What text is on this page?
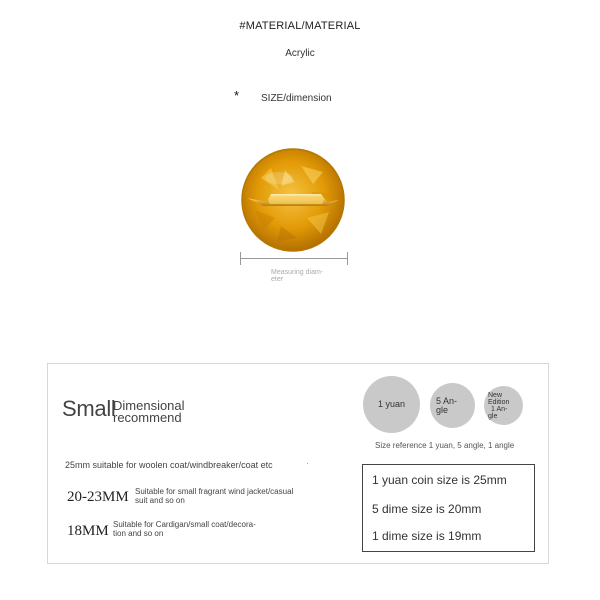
#MATERIAL/MATERIAL
Acrylic
* SIZE/dimension
Measuring diam-
eter
Small
Dimensional
recommend
1 yuan	5 An-
gle
New
Edition
1 An-
gle
Size reference 1 yuan, 5 angle, 1 angle
25mm suitable for woolen coat/windbreaker/coat etc	·
20-23MM Suitable for small fragrant wind jacket/casual
suit and so on
18MM Suitable for Cardigan/small coat/decora-
tion and so on
1 yuan coin size is 25mm
5 dime size is 20mm
1 dime size is 19mm
